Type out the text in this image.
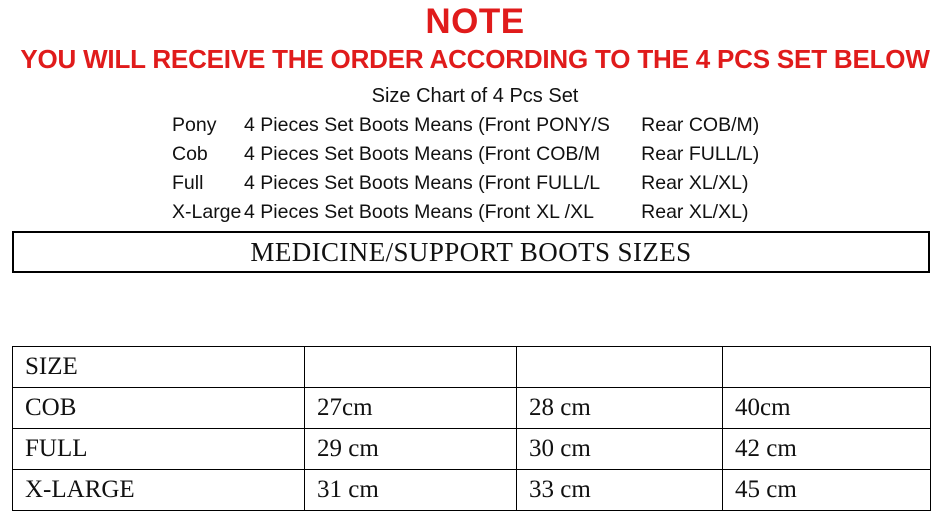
NOTE
YOU WILL RECEIVE THE ORDER ACCORDING TO THE 4 PCS SET BELOW
Size Chart of 4 Pcs Set
Pony 4 Pieces Set Boots Means (Front PONY/S Rear COB/M)
Cob 4 Pieces Set Boots Means (Front COB/M Rear FULL/L)
Full 4 Pieces Set Boots Means (Front FULL/L Rear XL/XL)
X-Large 4 Pieces Set Boots Means (Front XL /XL Rear XL/XL)
MEDICINE/SUPPORT BOOTS SIZES
SIZE			
COB	27cm	28 cm	40cm
FULL	29 cm	30 cm	42 cm
X-LARGE	31 cm	33 cm	45 cm
